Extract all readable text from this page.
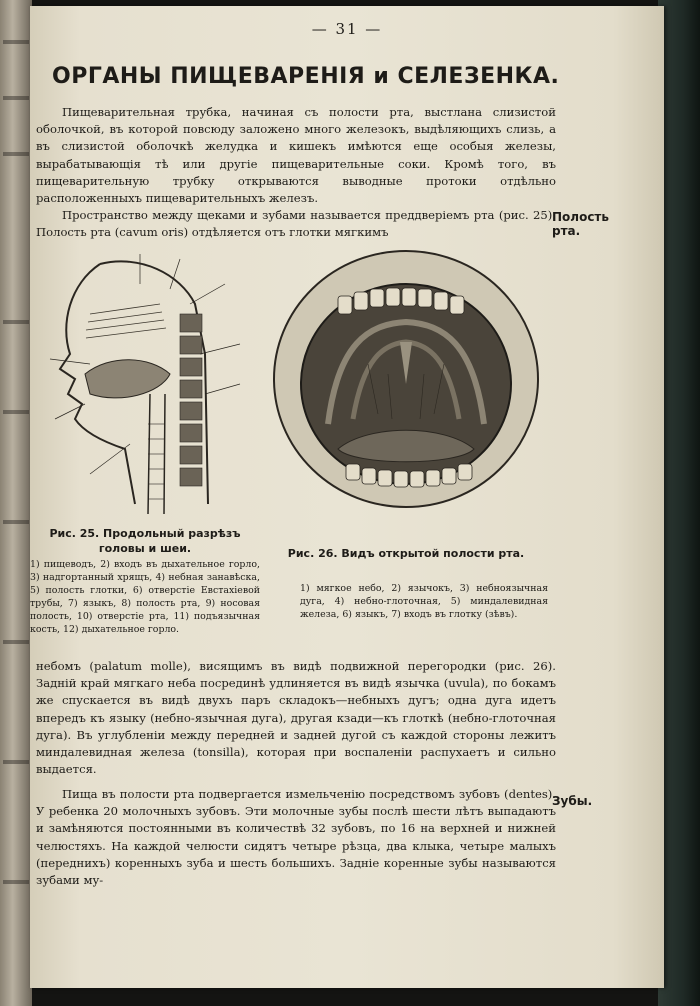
— 31 —
ОРГАНЫ ПИЩЕВАРЕНІЯ и СЕЛЕЗЕНКА.

Пищеварительная трубка, начиная съ полости рта, выстлана слизистой оболочкой, въ которой повсюду заложено много железокъ, выдѣляющихъ слизь, а въ слизистой оболочкѣ желудка и кишекъ имѣются еще особыя железы, вырабатывающія тѣ или другіе пищеварительные соки. Кромѣ того, въ пищеварительную трубку открываются выводные протоки отдѣльно расположенныхъ пищеварительныхъ железъ.

Пространство между щеками и зубами называется преддверіемъ рта (рис. 25). Полость рта (cavum oris) отдѣляется отъ глотки мягкимъ

Полость рта.
Рис. 25. Продольный разрѣзъ головы и шеи.
1) пищеводъ, 2) входъ въ дыхательное горло, 3) надгортанный хрящъ, 4) небная занавѣска, 5) полость глотки, 6) отверстіе Евстахіевой трубы, 7) языкъ, 8) полость рта, 9) носовая полость, 10) отверстіе рта, 11) подъязычная кость, 12) дыхательное горло.
Рис. 26. Видъ открытой полости рта.
1) мягкое небо, 2) язычокъ, 3) небноязычная дуга, 4) небно-глоточная, 5) миндалевидная железа, 6) языкъ, 7) входъ въ глотку (зѣвъ).

небомъ (palatum molle), висящимъ въ видѣ подвижной перегородки (рис. 26). Задній край мягкаго неба посрединѣ удлиняется въ видѣ язычка (uvula), по бокамъ же спускается въ видѣ двухъ паръ складокъ—небныхъ дугъ; одна дуга идетъ впередъ къ языку (небно-язычная дуга), другая кзади—къ глоткѣ (небно-глоточная дуга). Въ углубленіи между передней и задней дугой съ каждой стороны лежитъ миндалевидная железа (tonsilla), которая при воспаленіи распухаетъ и сильно выдается.

Пища въ полости рта подвергается измельченію посредствомъ зубовъ (dentes). У ребенка 20 молочныхъ зубовъ. Эти молочные зубы послѣ шести лѣтъ выпадаютъ и замѣняются постоянными въ количествѣ 32 зубовъ, по 16 на верхней и нижней челюстяхъ. На каждой челюсти сидятъ четыре рѣзца, два клыка, четыре малыхъ (переднихъ) коренныхъ зуба и шесть большихъ. Задніе коренные зубы называются зубами му-

Зубы.
